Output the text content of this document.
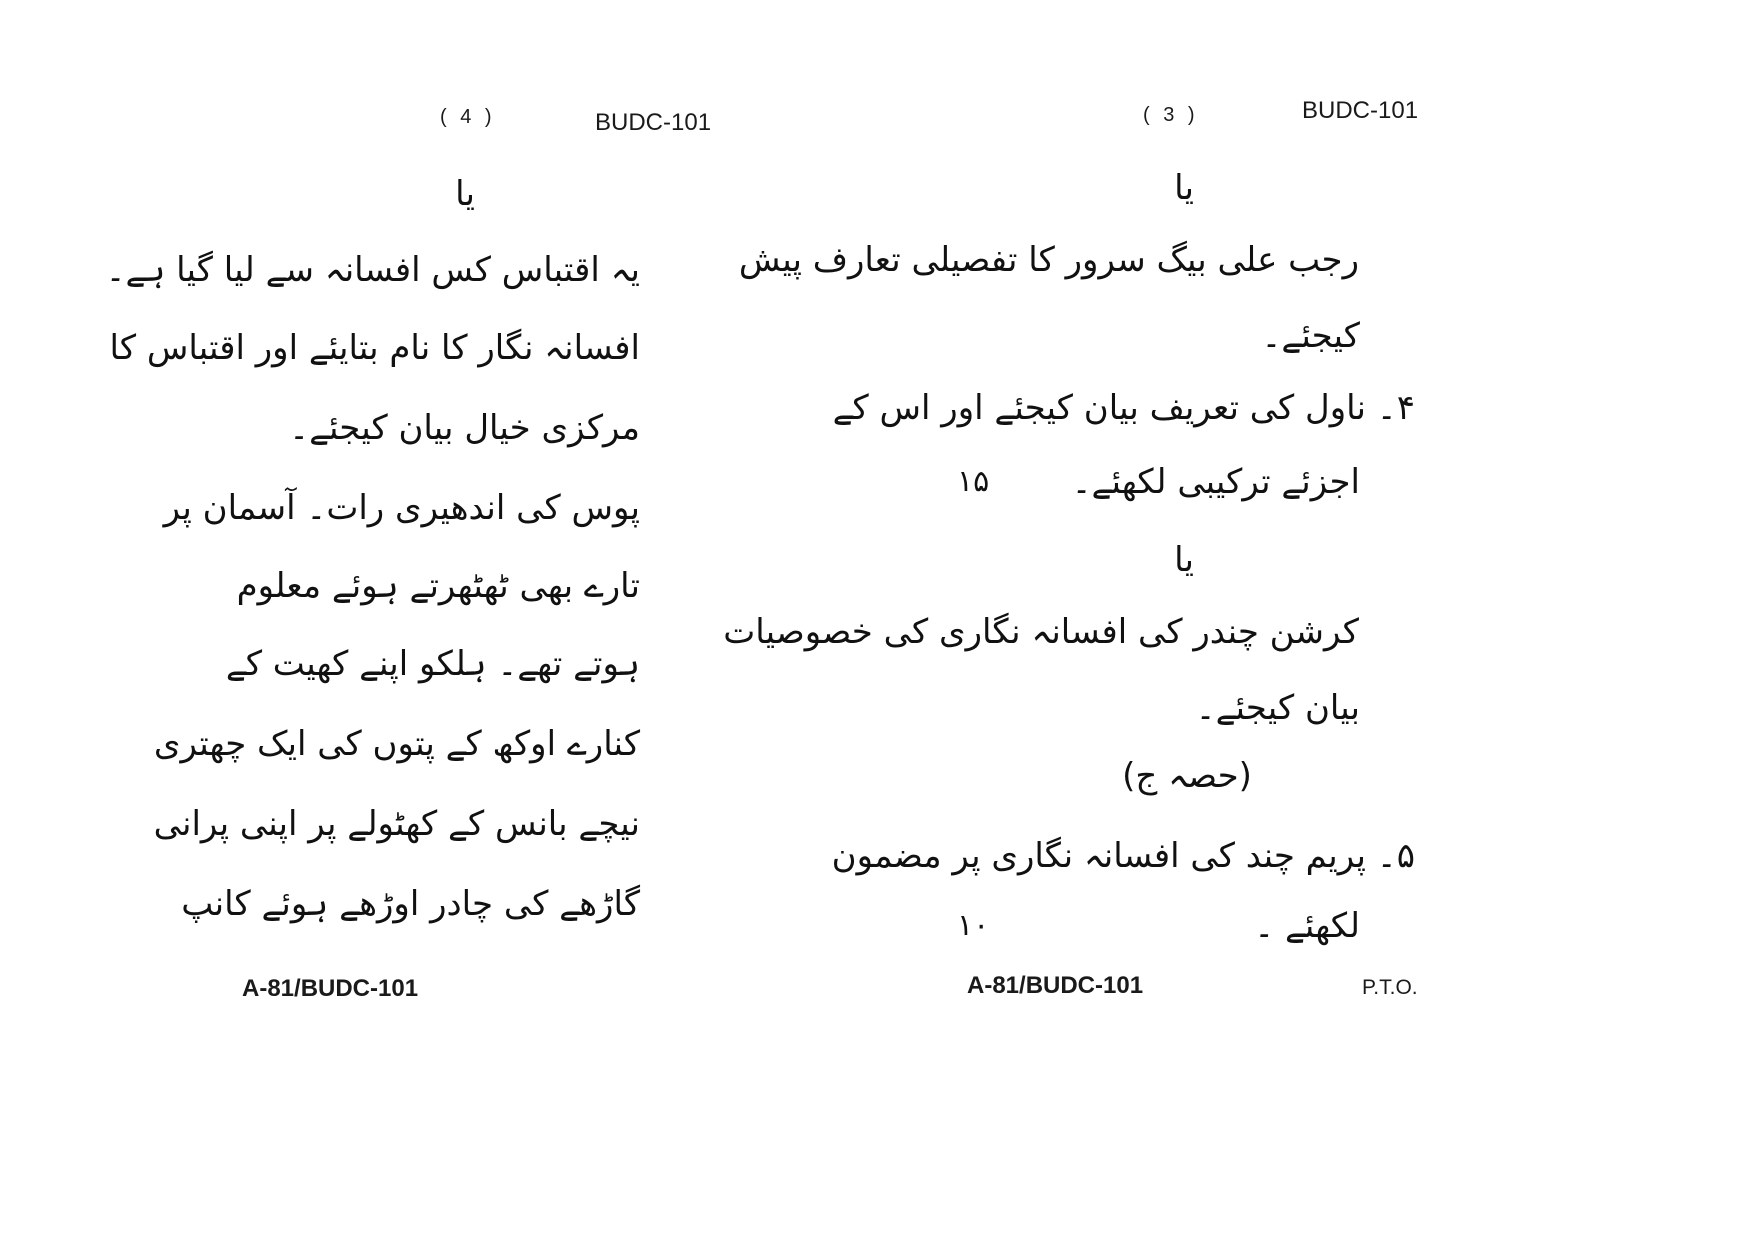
( 4 )	BUDC-101
یا
یہ اقتباس کس افسانہ سے لیا گیا ہے۔
افسانہ نگار کا نام بتایئے اور اقتباس کا
مرکزی خیال بیان کیجئے۔
پوس کی اندھیری رات۔ آسمان پر
تارے بھی ٹھٹھرتے ہوئے معلوم
ہوتے تھے۔ ہلکو اپنے کھیت کے
کنارے اوکھ کے پتوں کی ایک چھتری
نیچے بانس کے کھٹولے پر اپنی پرانی
گاڑھے کی چادر اوڑھے ہوئے کانپ
A-81/BUDC-101
( 3 )	BUDC-101
یا
رجب علی بیگ سرور کا تفصیلی تعارف پیش
کیجئے۔
۴۔ ناول کی تعریف بیان کیجئے اور اس کے
اجزئے ترکیبی لکھئے۔
۱۵
یا
کرشن چندر کی افسانہ نگاری کی خصوصیات
بیان کیجئے۔
(حصہ ج)
۵۔ پریم چند کی افسانہ نگاری پر مضمون
لکھئے ۔
۱۰
A-81/BUDC-101	P.T.O.
